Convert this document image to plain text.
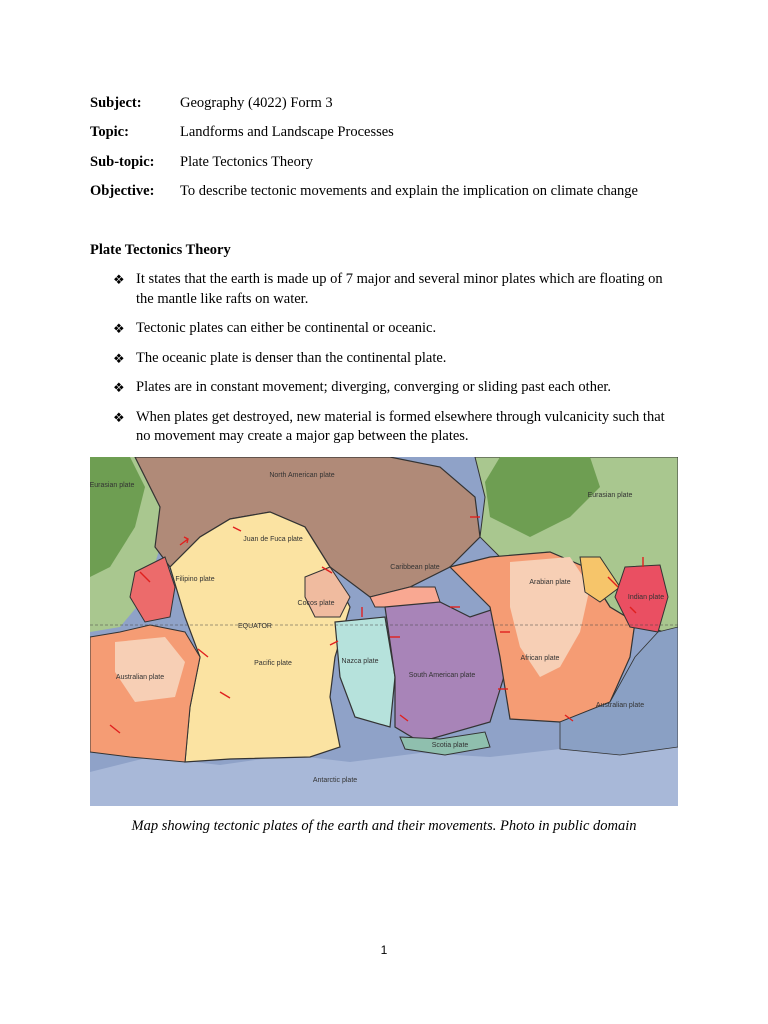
Subject:	Geography (4022) Form 3
Topic:	Landforms and Landscape Processes
Sub-topic: Plate Tectonics Theory
Objective: To describe tectonic movements and explain the implication on climate change
Plate Tectonics Theory
❖ It states that the earth is made up of 7 major and several minor plates which are floating on the mantle like rafts on water.
❖ Tectonic plates can either be continental or oceanic.
❖ The oceanic plate is denser than the continental plate.
❖ Plates are in constant movement; diverging, converging or sliding past each other.
❖ When plates get destroyed, new material is formed elsewhere through vulcanicity such that no movement may create a major gap between the plates.
Eurasian plate
North American plate
Eurasian plate
Juan de Fuca plate
Caribbean plate
Filipino plate	Arabian plate
Indian plate
Cocos plate
EQUATOR
African plate
Pacific plate	Nazca plate
South American plate
Australian plate
Australian plate
Scotia plate
Antarctic plate
Map showing tectonic plates of the earth and their movements. Photo in public domain
1
